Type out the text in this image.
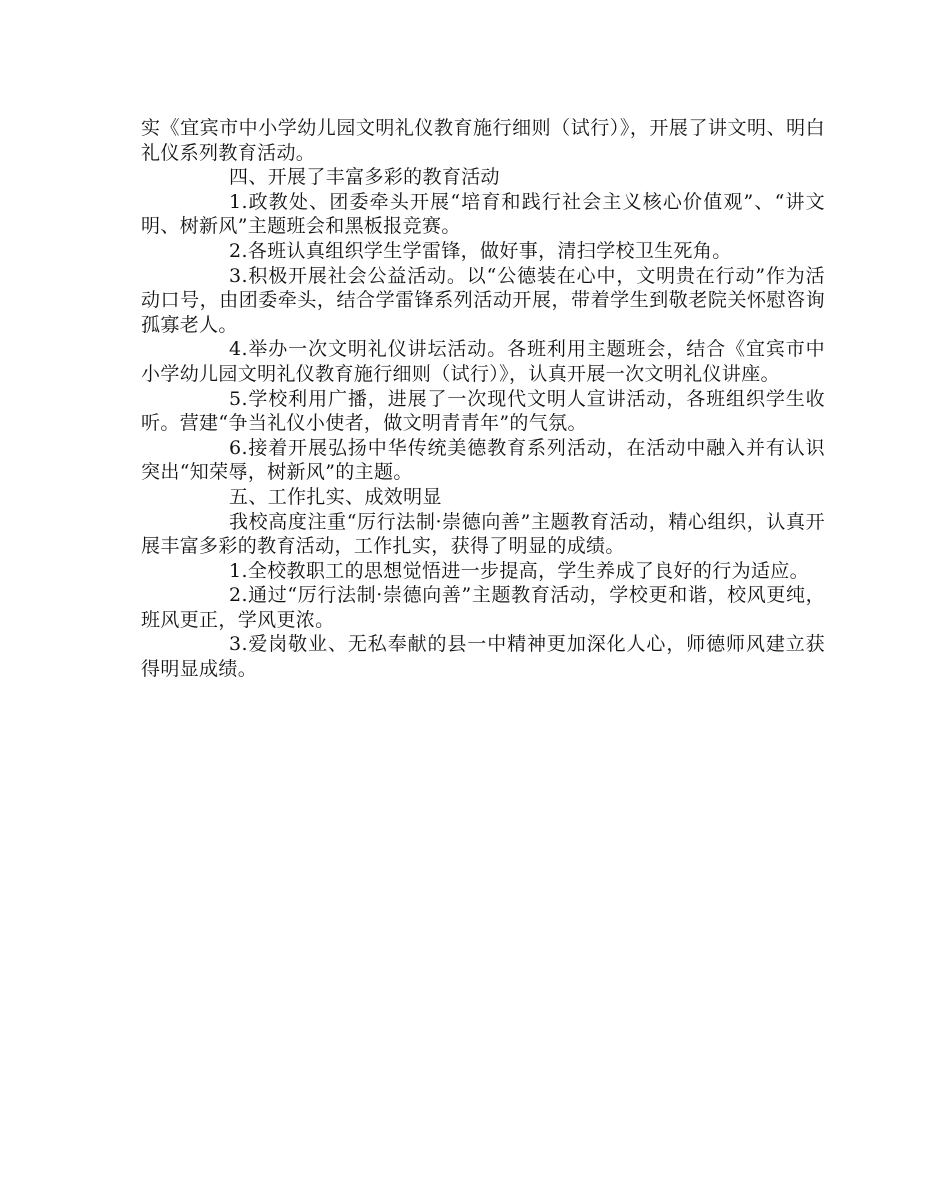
实《宜宾市中小学幼儿园文明礼仪教育施行细则（试行）》，开展了讲文明、明白礼仪系列教育活动。

四、开展了丰富多彩的教育活动

1.政教处、团委牵头开展“培育和践行社会主义核心价值观”、“讲文明、树新风”主题班会和黑板报竞赛。

2.各班认真组织学生学雷锋，做好事，清扫学校卫生死角。

3.积极开展社会公益活动。以“公德装在心中，文明贵在行动”作为活动口号，由团委牵头，结合学雷锋系列活动开展，带着学生到敬老院关怀慰咨询孤寡老人。

4.举办一次文明礼仪讲坛活动。各班利用主题班会，结合《宜宾市中小学幼儿园文明礼仪教育施行细则（试行）》，认真开展一次文明礼仪讲座。

5.学校利用广播，进展了一次现代文明人宣讲活动，各班组织学生收听。营建“争当礼仪小使者，做文明青青年”的气氛。

6.接着开展弘扬中华传统美德教育系列活动，在活动中融入并有认识突出“知荣辱，树新风”的主题。

五、工作扎实、成效明显

我校高度注重“厉行法制·崇德向善”主题教育活动，精心组织，认真开展丰富多彩的教育活动，工作扎实，获得了明显的成绩。

1.全校教职工的思想觉悟进一步提高，学生养成了良好的行为适应。

2.通过“厉行法制·崇德向善”主题教育活动，学校更和谐，校风更纯，班风更正，学风更浓。

3.爱岗敬业、无私奉献的县一中精神更加深化人心，师德师风建立获得明显成绩。
